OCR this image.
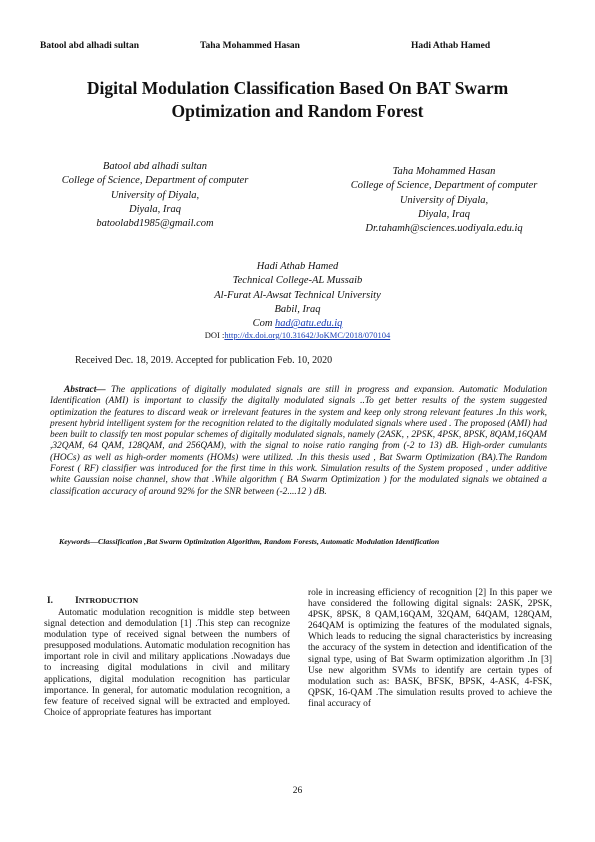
Batool abd alhadi sultan	Taha Mohammed Hasan	Hadi Athab Hamed
Digital Modulation Classification Based On BAT Swarm
Optimization and Random Forest
Batool abd alhadi sultan
College of Science, Department of computer
University of Diyala,
Diyala, Iraq
batoolabd1985@gmail.com
Taha Mohammed Hasan
College of Science, Department of computer
University of Diyala,
Diyala, Iraq
Dr.tahamh@sciences.uodiyala.edu.iq
Hadi Athab Hamed
Technical College-AL Mussaib
Al-Furat Al-Awsat Technical University
Babil, Iraq
Com had@atu.edu.iq
DOI :http://dx.doi.org/10.31642/JoKMC/2018/070104
Received Dec. 18, 2019. Accepted for publication Feb. 10, 2020
Abstract— The applications of digitally modulated signals are still in progress and expansion. Automatic Modulation Identification (AMI) is important to classify the digitally modulated signals ..To get better results of the system suggested optimization the features to discard weak or irrelevant features in the system and keep only strong relevant features .In this work, present hybrid intelligent system for the recognition related to the digitally modulated signals where used . The proposed (AMI) had been built to classify ten most popular schemes of digitally modulated signals, namely (2ASK, , 2PSK, 4PSK, 8PSK, 8QAM,16QAM ,32QAM, 64 QAM, 128QAM, and 256QAM), with the signal to noise ratio ranging from (-2 to 13) dB. High-order cumulants (HOCs) as well as high-order moments (HOMs) were utilized. .In this thesis used , Bat Swarm Optimization (BA).The Random Forest ( RF) classifier was introduced for the first time in this work. Simulation results of the System proposed , under additive white Gaussian noise channel, show that .While algorithm ( BA Swarm Optimization ) for the modulated signals we obtained a classification accuracy of around 92% for the SNR between (-2....12 ) dB.
Keywords—Classification ,Bat Swarm Optimization Algorithm, Random Forests, Automatic Modulation Identification
I. INTRODUCTION
Automatic modulation recognition is middle step between signal detection and demodulation [1] .This step can recognize modulation type of received signal between the numbers of presupposed modulations. Automatic modulation recognition has important role in civil and military applications .Nowadays due to increasing digital modulations in civil and military applications, digital modulation recognition has particular importance. In general, for automatic modulation recognition, a few feature of received signal will be extracted and employed. Choice of appropriate features has important
role in increasing efficiency of recognition [2] In this paper we have considered the following digital signals: 2ASK, 2PSK, 4PSK, 8PSK, 8 QAM,16QAM, 32QAM, 64QAM, 128QAM, 264QAM is optimizing the features of the modulated signals, Which leads to reducing the signal characteristics by increasing the accuracy of the system in detection and identification of the signal type, using of Bat Swarm optimization algorithm .In [3] Use new algorithm SVMs to identify are certain types of modulation such as: BASK, BFSK, BPSK, 4-ASK, 4-FSK, QPSK, 16-QAM .The simulation results proved to achieve the final accuracy of
26
